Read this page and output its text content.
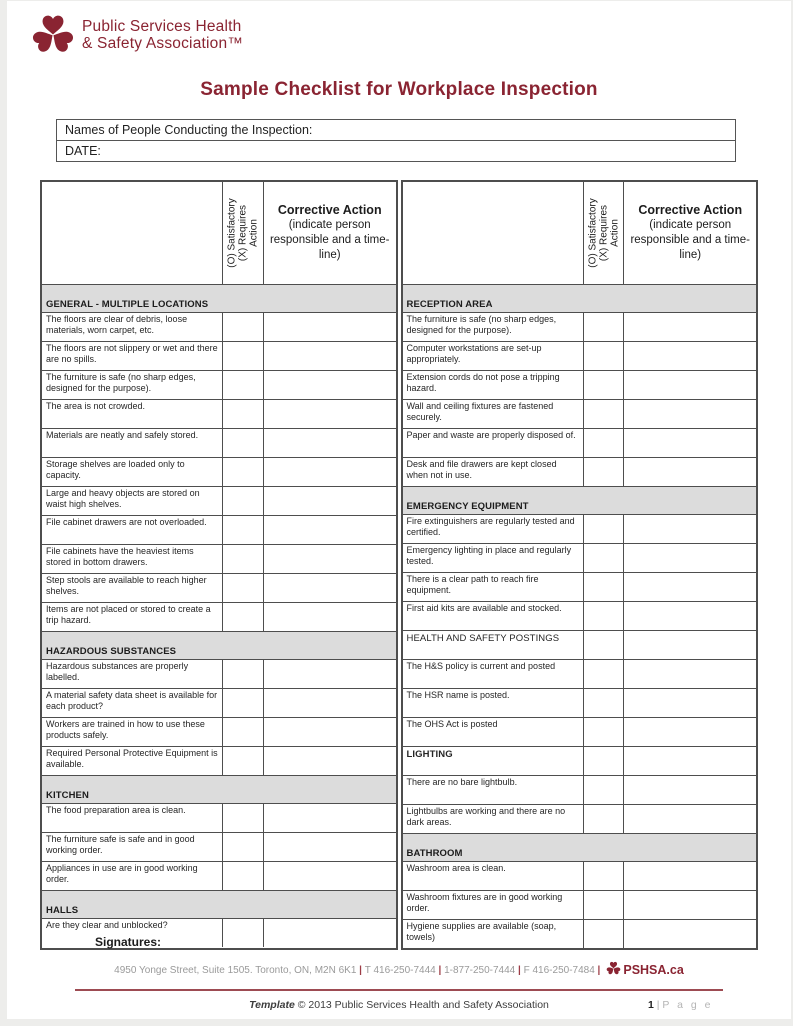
Public Services Health
& Safety Association™
Sample Checklist for Workplace Inspection
Names of People Conducting the Inspection:
DATE:
(O) Satisfactory
(X) Requires Action
Corrective Action
(indicate person responsible and a time-line)
GENERAL - MULTIPLE LOCATIONS
The floors are clear of debris, loose materials, worn carpet, etc.
The floors are not slippery or wet and there are no spills.
The furniture is safe (no sharp edges, designed for the purpose).
The area is not crowded.
Materials are neatly and safely stored.
Storage shelves are loaded only to capacity.
Large and heavy objects are stored on waist high shelves.
File cabinet drawers are not overloaded.
File cabinets have the heaviest items stored in bottom drawers.
Step stools are available to reach higher shelves.
Items are not placed or stored to create a trip hazard.
HAZARDOUS SUBSTANCES
Hazardous substances are properly labelled.
A material safety data sheet is available for each product?
Workers are trained in how to use these products safely.
Required Personal Protective Equipment is available.
KITCHEN
The food preparation area is clean.
The furniture safe is safe and in good working order.
Appliances in use are in good working order.
HALLS
Are they clear and unblocked?
(O) Satisfactory
(X) Requires Action
Corrective Action
(indicate person responsible and a time-line)
RECEPTION AREA
The furniture is safe (no sharp edges, designed for the purpose).
Computer workstations are set-up appropriately.
Extension cords do not pose a tripping hazard.
Wall and ceiling fixtures are fastened securely.
Paper and waste are properly disposed of.
Desk and file drawers are kept closed when not in use.
EMERGENCY EQUIPMENT
Fire extinguishers are regularly tested and certified.
Emergency lighting in place and regularly tested.
There is a clear path to reach fire equipment.
First aid kits are available and stocked.
HEALTH AND SAFETY POSTINGS
The H&S policy is current and posted
The HSR name is posted.
The OHS Act is posted
LIGHTING
There are no bare lightbulb.
Lightbulbs are working and there are no dark areas.
BATHROOM
Washroom area is clean.
Washroom fixtures are in good working order.
Hygiene supplies are available (soap, towels)
Signatures:
4950 Yonge Street, Suite 1505. Toronto, ON, M2N 6K1 | T 416-250-7444 | 1-877-250-7444 | F 416-250-7484 | PSHSA.ca
Template © 2013 Public Services Health and Safety Association	1 | P a g e
